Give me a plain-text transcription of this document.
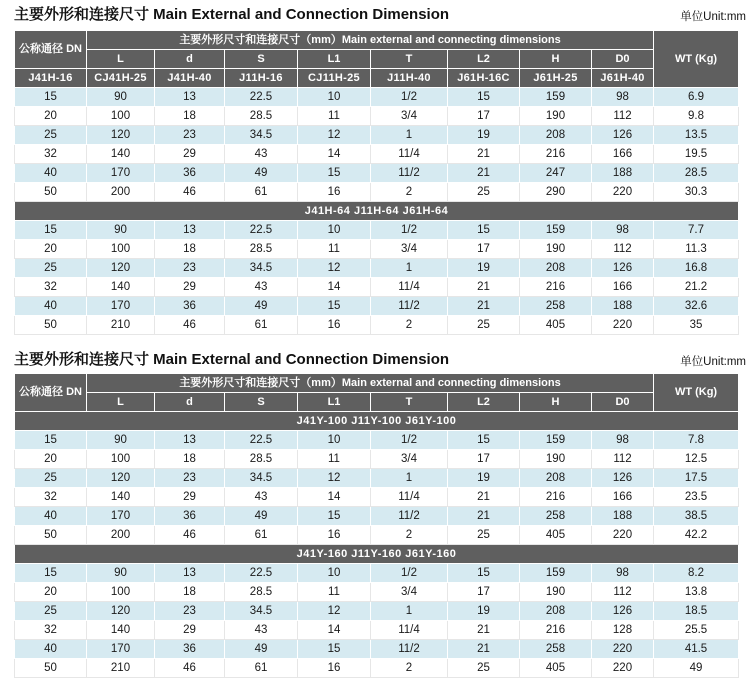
主要外形和连接尺寸 Main External and Connection Dimension	单位Unit:mm
公称通径 DN	主要外形尺寸和连接尺寸（mm）Main external and connecting dimensions								WT (Kg)
	L	d	S	L1	T	L2	H	D0	
J41H-16	CJ41H-25	J41H-40	J11H-16	CJ11H-25	J11H-40	J61H-16C	J61H-25	J61H-40	
15	90	13	22.5	10	1/2	15	159	98	6.9
20	100	18	28.5	11	3/4	17	190	112	9.8
25	120	23	34.5	12	1	19	208	126	13.5
32	140	29	43	14	11/4	21	216	166	19.5
40	170	36	49	15	11/2	21	247	188	28.5
50	200	46	61	16	2	25	290	220	30.3
J41H-64 J11H-64 J61H-64									
15	90	13	22.5	10	1/2	15	159	98	7.7
20	100	18	28.5	11	3/4	17	190	112	11.3
25	120	23	34.5	12	1	19	208	126	16.8
32	140	29	43	14	11/4	21	216	166	21.2
40	170	36	49	15	11/2	21	258	188	32.6
50	210	46	61	16	2	25	405	220	35
主要外形和连接尺寸 Main External and Connection Dimension	单位Unit:mm
公称通径 DN	主要外形尺寸和连接尺寸（mm）Main external and connecting dimensions								WT (Kg)
	L	d	S	L1	T	L2	H	D0	
J41Y-100 J11Y-100 J61Y-100									
15	90	13	22.5	10	1/2	15	159	98	7.8
20	100	18	28.5	11	3/4	17	190	112	12.5
25	120	23	34.5	12	1	19	208	126	17.5
32	140	29	43	14	11/4	21	216	166	23.5
40	170	36	49	15	11/2	21	258	188	38.5
50	200	46	61	16	2	25	405	220	42.2
J41Y-160 J11Y-160 J61Y-160									
15	90	13	22.5	10	1/2	15	159	98	8.2
20	100	18	28.5	11	3/4	17	190	112	13.8
25	120	23	34.5	12	1	19	208	126	18.5
32	140	29	43	14	11/4	21	216	128	25.5
40	170	36	49	15	11/2	21	258	220	41.5
50	210	46	61	16	2	25	405	220	49
